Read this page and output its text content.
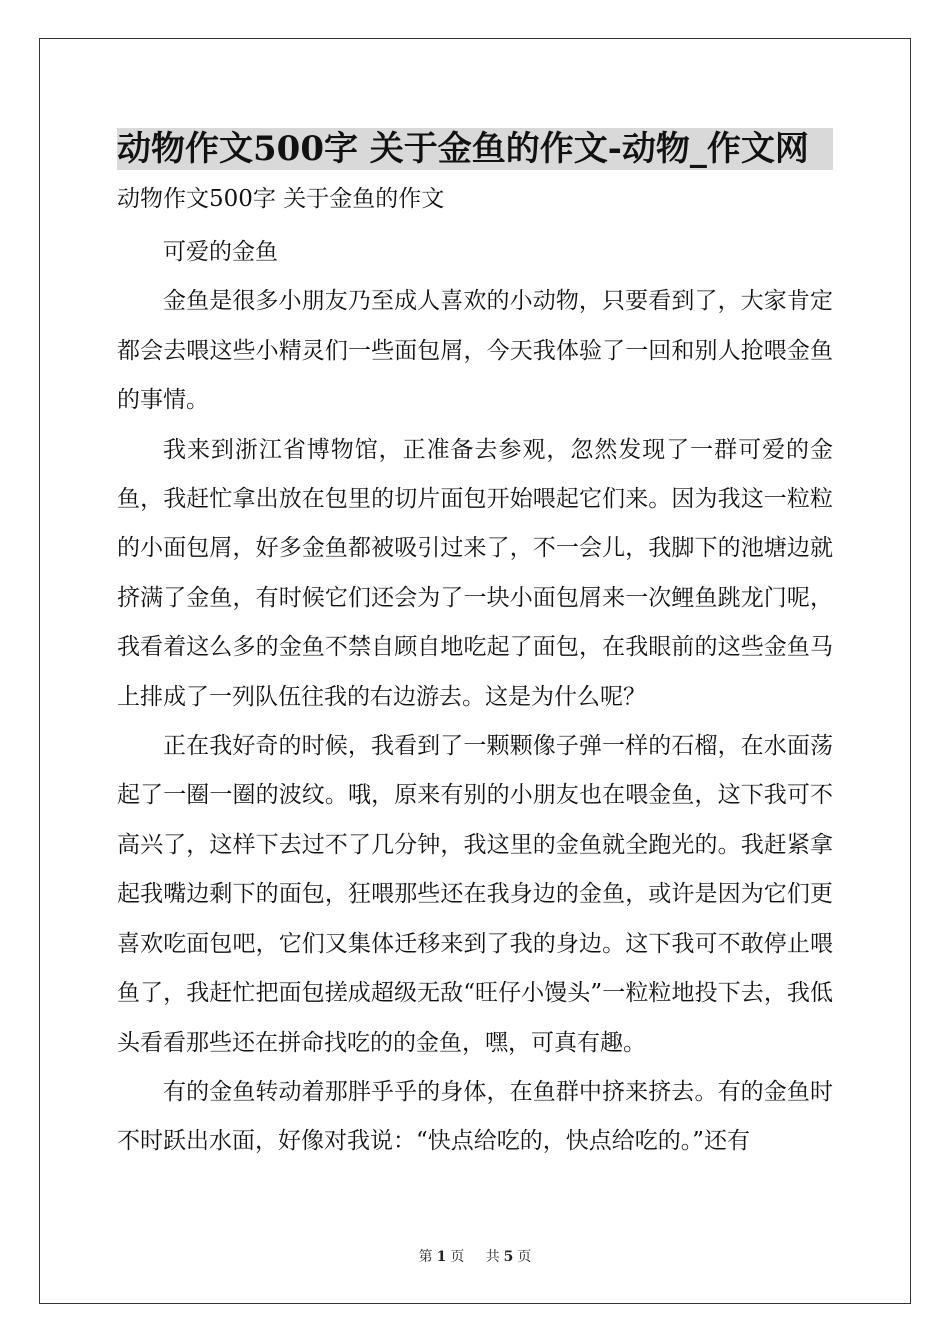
动物作文500字 关于金鱼的作文-动物_作文网
动物作文500字 关于金鱼的作文

可爱的金鱼

金鱼是很多小朋友乃至成人喜欢的小动物，只要看到了，大家肯定都会去喂这些小精灵们一些面包屑，今天我体验了一回和别人抢喂金鱼的事情。

我来到浙江省博物馆，正准备去参观，忽然发现了一群可爱的金鱼，我赶忙拿出放在包里的切片面包开始喂起它们来。因为我这一粒粒的小面包屑，好多金鱼都被吸引过来了，不一会儿，我脚下的池塘边就挤满了金鱼，有时候它们还会为了一块小面包屑来一次鲤鱼跳龙门呢，我看着这么多的金鱼不禁自顾自地吃起了面包，在我眼前的这些金鱼马上排成了一列队伍往我的右边游去。这是为什么呢？

正在我好奇的时候，我看到了一颗颗像子弹一样的石榴，在水面荡起了一圈一圈的波纹。哦，原来有别的小朋友也在喂金鱼，这下我可不高兴了，这样下去过不了几分钟，我这里的金鱼就全跑光的。我赶紧拿起我嘴边剩下的面包，狂喂那些还在我身边的金鱼，或许是因为它们更喜欢吃面包吧，它们又集体迁移来到了我的身边。这下我可不敢停止喂鱼了，我赶忙把面包搓成超级无敌“旺仔小馒头”一粒粒地投下去，我低头看看那些还在拼命找吃的的金鱼，嘿，可真有趣。

有的金鱼转动着那胖乎乎的身体，在鱼群中挤来挤去。有的金鱼时不时跃出水面，好像对我说：“快点给吃的，快点给吃的。”还有

第 1 页 共 5 页
